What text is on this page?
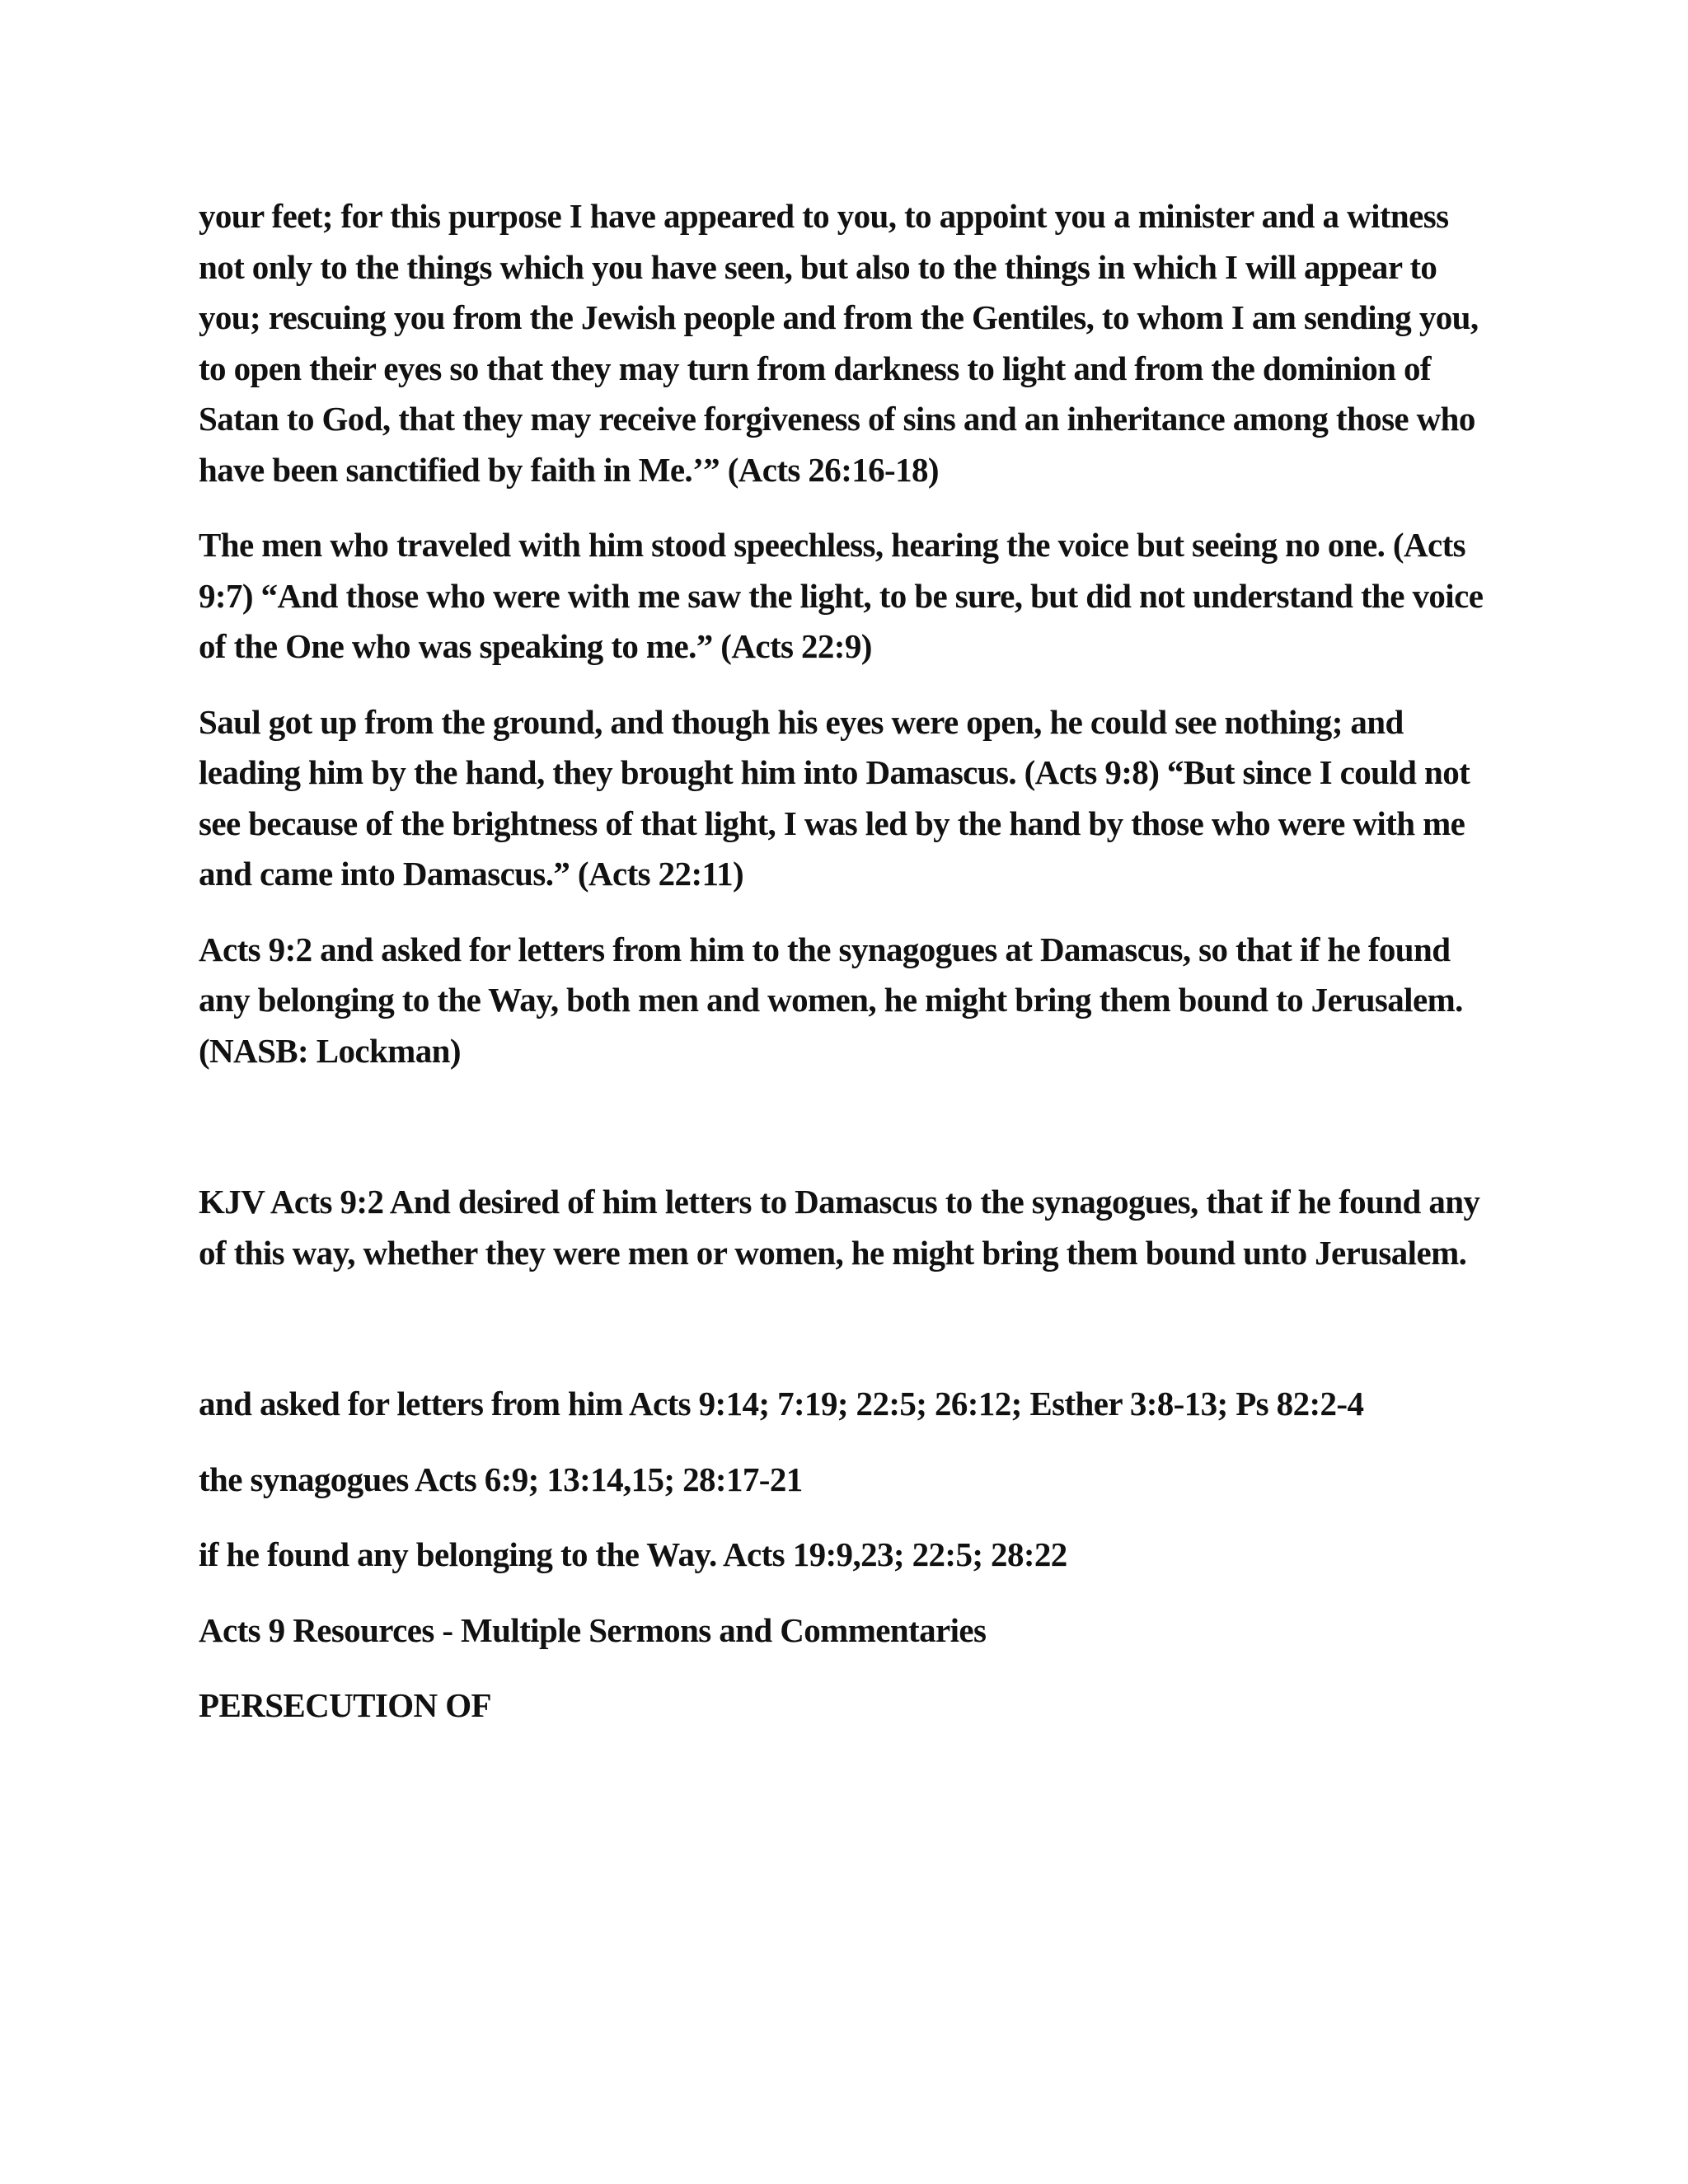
your feet; for this purpose I have appeared to you, to appoint you a minister and a witness not only to the things which you have seen, but also to the things in which I will appear to you; rescuing you from the Jewish people and from the Gentiles, to whom I am sending you, to open their eyes so that they may turn from darkness to light and from the dominion of Satan to God, that they may receive forgiveness of sins and an inheritance among those who have been sanctified by faith in Me.’” (Acts 26:16-18)

The men who traveled with him stood speechless, hearing the voice but seeing no one. (Acts 9:7) “And those who were with me saw the light, to be sure, but did not understand the voice of the One who was speaking to me.” (Acts 22:9)

Saul got up from the ground, and though his eyes were open, he could see nothing; and leading him by the hand, they brought him into Damascus. (Acts 9:8) “But since I could not see because of the brightness of that light, I was led by the hand by those who were with me and came into Damascus.” (Acts 22:11)

Acts 9:2 and asked for letters from him to the synagogues at Damascus, so that if he found any belonging to the Way, both men and women, he might bring them bound to Jerusalem. (NASB: Lockman)

KJV Acts 9:2 And desired of him letters to Damascus to the synagogues, that if he found any of this way, whether they were men or women, he might bring them bound unto Jerusalem.

and asked for letters from him Acts 9:14; 7:19; 22:5; 26:12; Esther 3:8-13; Ps 82:2-4

the synagogues Acts 6:9; 13:14,15; 28:17-21

if he found any belonging to the Way. Acts 19:9,23; 22:5; 28:22

Acts 9 Resources - Multiple Sermons and Commentaries

PERSECUTION OF
